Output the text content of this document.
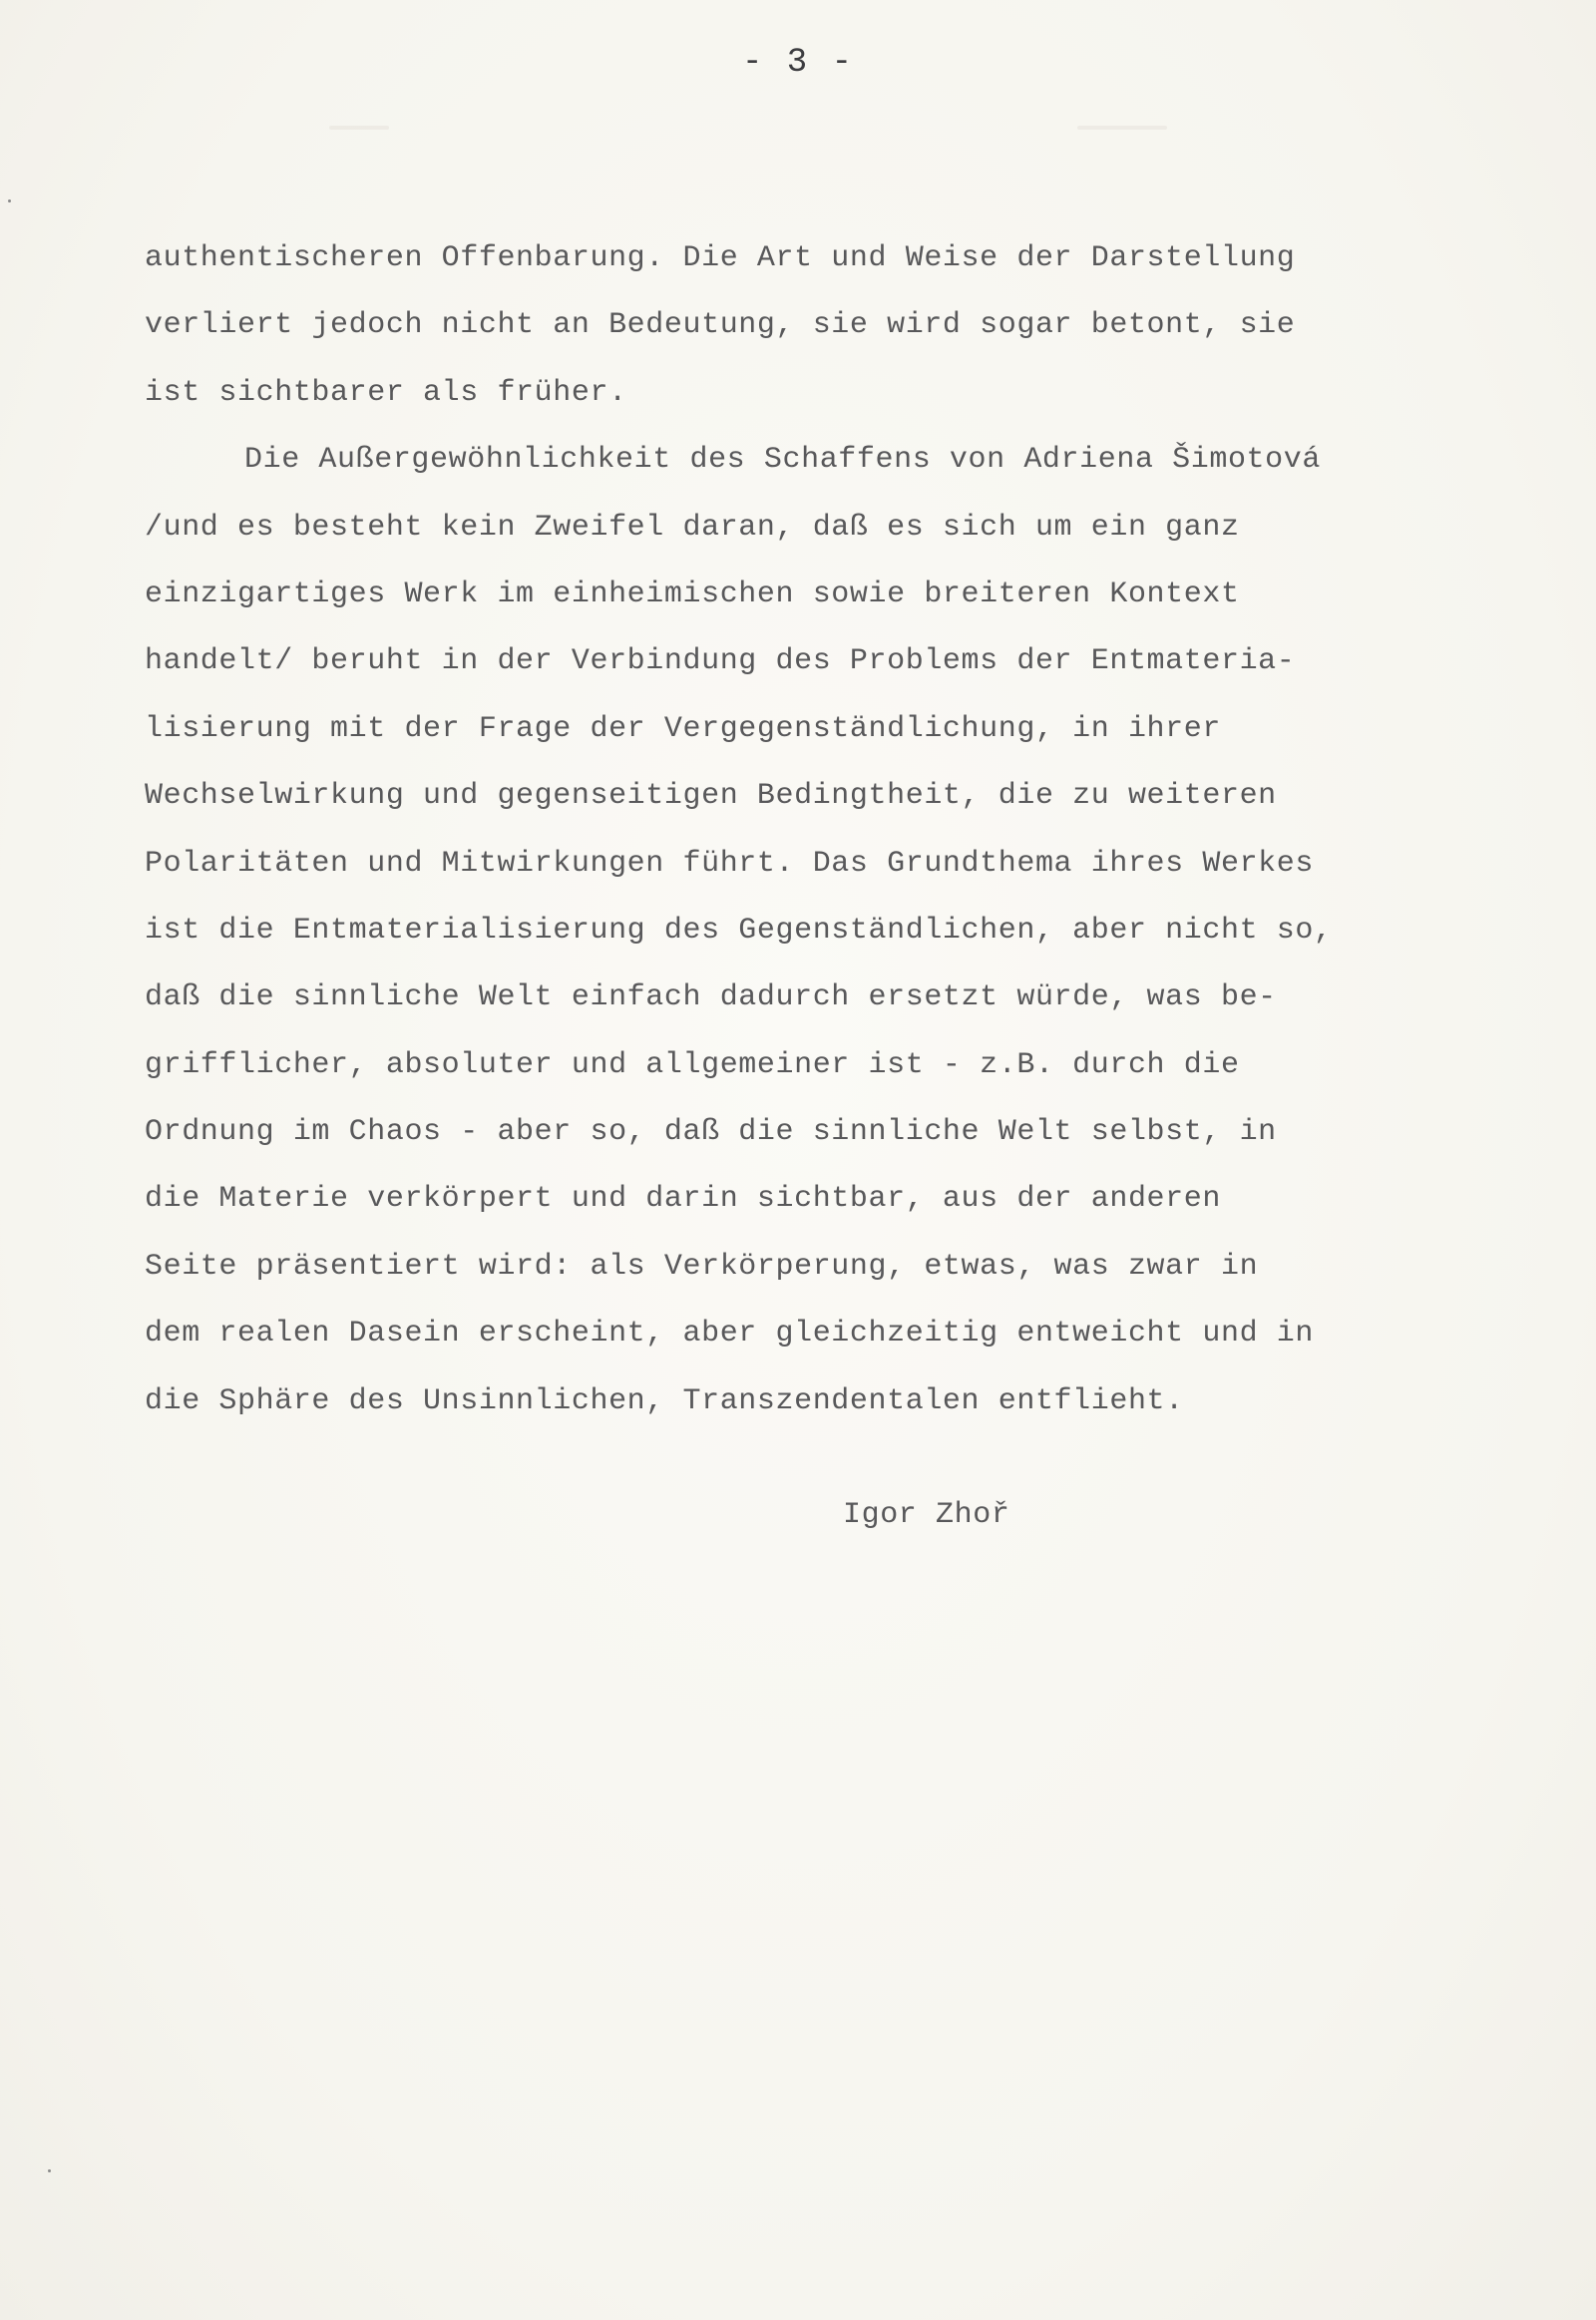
- 3 -
authentischeren Offenbarung. Die Art und Weise der Darstellung
verliert jedoch nicht an Bedeutung, sie wird sogar betont, sie
ist sichtbarer als früher.
Die Außergewöhnlichkeit des Schaffens von Adriena Šimotová
/und es besteht kein Zweifel daran, daß es sich um ein ganz
einzigartiges Werk im einheimischen sowie breiteren Kontext
handelt/ beruht in der Verbindung des Problems der Entmateria-
lisierung mit der Frage der Vergegenständlichung, in ihrer
Wechselwirkung und gegenseitigen Bedingtheit, die zu weiteren
Polaritäten und Mitwirkungen führt. Das Grundthema ihres Werkes
ist die Entmaterialisierung des Gegenständlichen, aber nicht so,
daß die sinnliche Welt einfach dadurch ersetzt würde, was be-
grifflicher, absoluter und allgemeiner ist - z.B. durch die
Ordnung im Chaos - aber so, daß die sinnliche Welt selbst, in
die Materie verkörpert und darin sichtbar, aus der anderen
Seite präsentiert wird: als Verkörperung, etwas, was zwar in
dem realen Dasein erscheint, aber gleichzeitig entweicht und in
die Sphäre des Unsinnlichen, Transzendentalen entflieht.
Igor Zhoř
